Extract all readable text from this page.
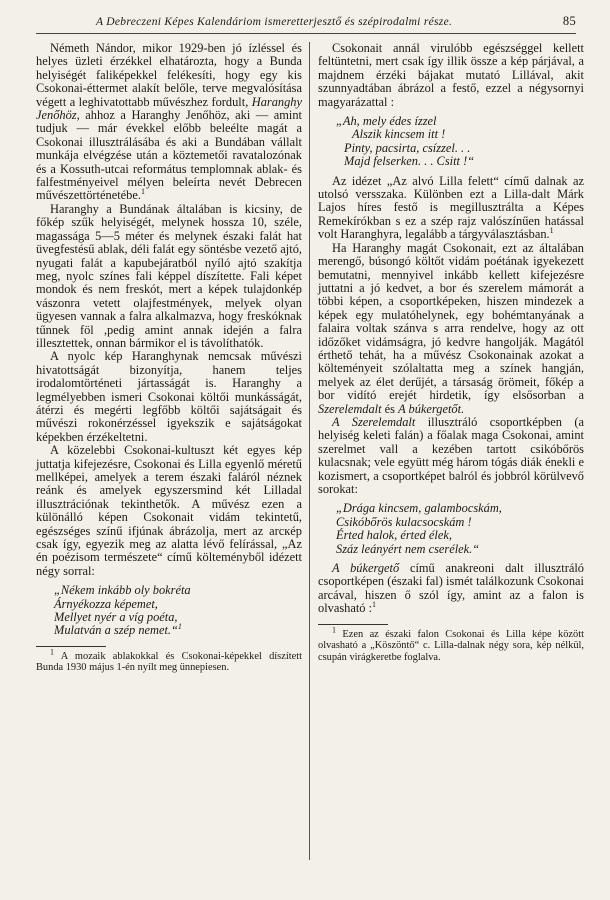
A Debreczeni Képes Kalendáriom ismeretterjesztő és szépirodalmi része.	85

Németh Nándor, mikor 1929-ben jó ízléssel és helyes üzleti érzékkel elhatározta, hogy a Bunda helyiségét faliképekkel felékesíti, hogy egy kis Csokonai-éttermet alakít belőle, terve megvalósítása végett a leghivatottabb művészhez fordult, Haranghy Jenőhöz, ahhoz a Haranghy Jenőhöz, aki — amint tudjuk — már évekkel előbb beleélte magát a Csokonai illusztrálásába és aki a Bundában vállalt munkája elvégzése után a köztemetői ravatalozónak és a Kossuth-utcai református templomnak ablak- és falfestményeivel mélyen beleírta nevét Debrecen művészettörténetébe.$^1$

Haranghy a Bundának általában is kicsiny, de főkép szűk helyiségét, melynek hossza 10, szélе, magassága 5—5 méter és melynek északi falát hat üvegfestésű ablak, déli falát egy söntésbe vezető ajtó, nyugati falát a kapubejáratból nyíló ajtó szakítja meg, nyolc színes fali képpel díszítette. Fali képet mondok és nem freskót, mert a képek tulajdonkép vászonra vetett olajfestmények, melyek olyan ügyesen vannak a falra alkalmazva, hogy freskóknak tűnnek föl ,pedig amint annak idején a falra illesztettek, onnan bármikor el is távolíthatók.

A nyolc kép Haranghynak nemcsak művészi hivatottságát bizonyítja, hanem teljes irodalomtörténeti jártasságát is. Haranghy a legmélyebben ismeri Csokonai költői munkásságát, átérzi és megérti legfőbb költői sajátságait és művészi rokonérzéssel igyekszik e sajátságokat képekben érzékeltetni.

A közelebbi Csokonai-kultuszt két egyes kép juttatja kifejezésre, Csokonai és Lilla egyenlő méretű mellképei, amelyek a terem északi faláról néznek reánk és amelyek egyszersmind két Lillаdal illusztrációnak tekinthetők. A művész ezen a különálló képen Csokonait vidám tekintetű, egészséges színű ifjúnak ábrázolja, mert az arcкép csak így, egyezik meg az alatta lévő felírással, „Az én poézisom természete“ című költeményből idézett négy sorral:

„Nékem inkább oly bokréta
Árnyékozza képemet,
Mellyet nyér a víg poéta,
Mulatván a szép nemet.“$^1$

$^1$ A mozaik ablakokkal és Csokonai-képekkel díszített Bunda 1930 május 1-én nyílt meg ünnepiesen.

Csokonait annál virulóbb egészséggel kellett feltüntetni, mert csak így illik össze a kép párjával, a majdnem érzéki bájakat mutató Lillával, akit szunnyadtában ábrázol a festő, ezzel a négysornyi magyarázattal :

„Ah, mely édes ízzel
Alszik kincsem itt !
Pinty, pacsirta, csízzel. . .
Majd felserken. . . Csitt !“

Az idézet „Az alvó Lilla felett“ című dalnak az utolsó versszaka. Különben ezt a Lilla-dalt Márk Lajos híres festő is megillusztrálta a Képes Remekírókban s ez a szép rajz valószínűen hatással volt Haranghyra, legalább a tárgyválasztásban.$^1$

Ha Haranghy magát Csokonait, ezt az általában merengő, búsongó költőt vidám poétának igyekezett bemutatni, mennyivel inkább kellett kifejezésre juttatni a jó kedvet, a bor és szerelem mámorát a többi képen, a csoportképeken, hiszen mindezek a képek egy mulatóhelynek, egy bohémtanyának a falaira voltak szánva s arra rendelve, hogy az ott időzőket vidámságra, jó kedvre hangolják. Magától érthető tehát, ha a művész Csokonainak azokat a költeményeit szólaltatta meg a színek hangján, melyek az élet derűjét, a társaság örömeit, főkép a bor vidító erejét hirdetik, így elsősorban a Szerelemdalt és A búkergetőt.

A Szerelemdalt illusztráló csoportképben (a helyiség keleti falán) a főalak maga Csokonai, amint szerelmet vall a kezében tartott csikóbőrös kulacsnak; vele együtt még három tógás diák énekli e kozismert, a csoportképet balról és jobbról körülvevő sorokat:

„Drága kincsem, galambocskám,
Csikóbőrös kulacsocskám !
Érted halok, érted élek,
Száz leányért nem cserélek.“

A búkergető című anakreoni dalt illusztráló csoportképen (északi fal) ismét találkozunk Csokonai arcával, hiszen ő szól így, amint az a falon is olvasható :$^1$

$^1$ Ezen az északi falon Csokonai és Lilla képe között olvasható a „Köszöntő“ c. Lilla-dalnak négy sora, kép nélkül, csupán virágkeretbe foglalva.
